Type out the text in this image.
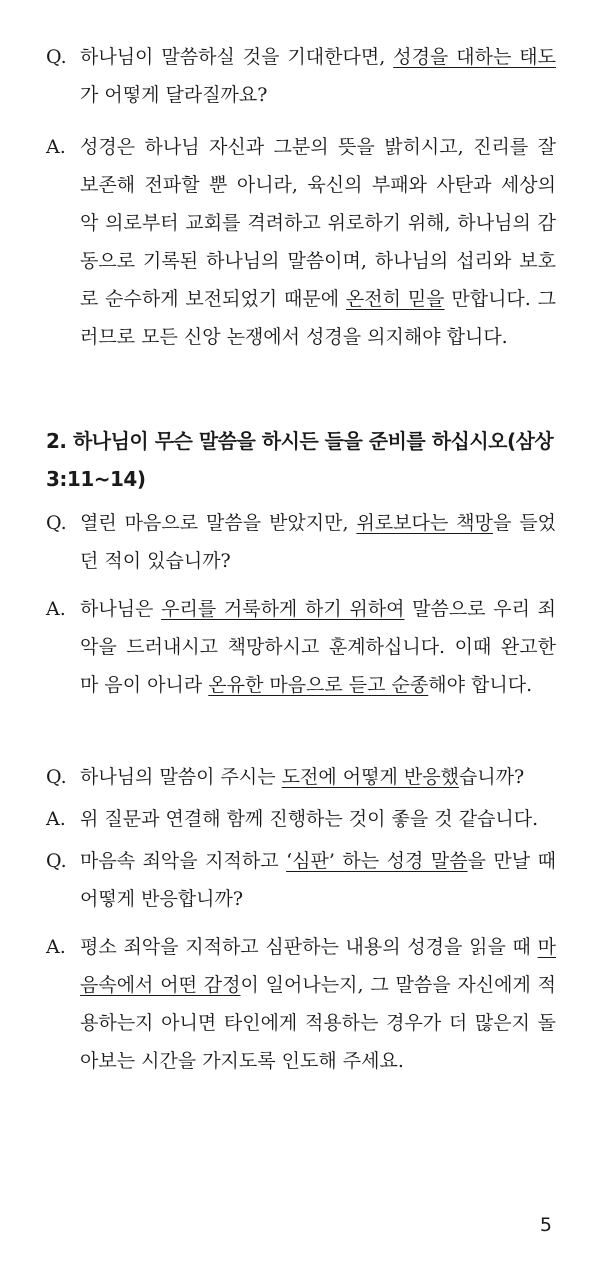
Q. 하나님이 말씀하실 것을 기대한다면, 성경을 대하는 태도가 어떻게 달라질까요?
A. 성경은 하나님 자신과 그분의 뜻을 밝히시고, 진리를 잘 보존해 전파할 뿐 아니라, 육신의 부패와 사탄과 세상의 악 의로부터 교회를 격려하고 위로하기 위해, 하나님의 감동으로 기록된 하나님의 말씀이며, 하나님의 섭리와 보호로 순수하게 보전되었기 때문에 온전히 믿을 만합니다. 그러므로 모든 신앙 논쟁에서 성경을 의지해야 합니다.
2. 하나님이 무슨 말씀을 하시든 들을 준비를 하십시오(삼상 3:11~14)
Q. 열린 마음으로 말씀을 받았지만, 위로보다는 책망을 들었던 적이 있습니까?
A. 하나님은 우리를 거룩하게 하기 위하여 말씀으로 우리 죄악을 드러내시고 책망하시고 훈계하십니다. 이때 완고한 마 음이 아니라 온유한 마음으로 듣고 순종해야 합니다.
Q. 하나님의 말씀이 주시는 도전에 어떻게 반응했습니까?
A. 위 질문과 연결해 함께 진행하는 것이 좋을 것 같습니다.
Q. 마음속 죄악을 지적하고 ‘심판’ 하는 성경 말씀을 만날 때 어떻게 반응합니까?
A. 평소 죄악을 지적하고 심판하는 내용의 성경을 읽을 때 마음속에서 어떤 감정이 일어나는지, 그 말씀을 자신에게 적용하는지 아니면 타인에게 적용하는 경우가 더 많은지 돌아보는 시간을 가지도록 인도해 주세요.
5
